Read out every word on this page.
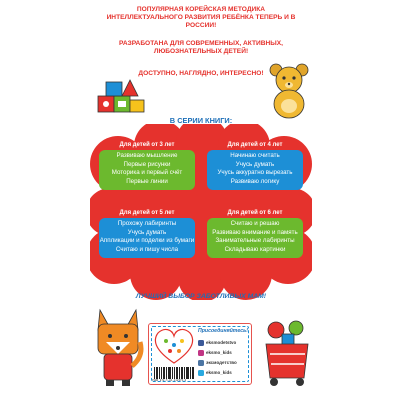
ПОПУЛЯРНАЯ КОРЕЙСКАЯ МЕТОДИКА ИНТЕЛЛЕКТУАЛЬНОГО РАЗВИТИЯ РЕБЁНКА ТЕПЕРЬ И В РОССИИ!
РАЗРАБОТАНА ДЛЯ СОВРЕМЕННЫХ, АКТИВНЫХ, ЛЮБОЗНАТЕЛЬНЫХ ДЕТЕЙ!
ДОСТУПНО, НАГЛЯДНО, ИНТЕРЕСНО!
В СЕРИИ КНИГИ:
Для детей от 3 лет
Развиваю мышление
Первые рисунки
Моторика и первый счёт
Первые линии
Для детей от 4 лет
Начинаю считать
Учусь думать
Учусь аккуратно вырезать
Развиваю логику
Для детей от 5 лет
Прохожу лабиринты
Учусь думать
Аппликации и поделки из бумаги
Считаю и пишу числа
Для детей от 6 лет
Считаю и решаю
Развиваю внимание и память
Занимательные лабиринты
Складываю картинки
ЛУЧШИЙ ВЫБОР ЗАБОТЛИВЫХ МАМ!
ISBN 978-5-04-112376-6
Присоединяйтесь!
eksmodetstvo
eksmo_kids
эксмодетство
eksmo_kids
